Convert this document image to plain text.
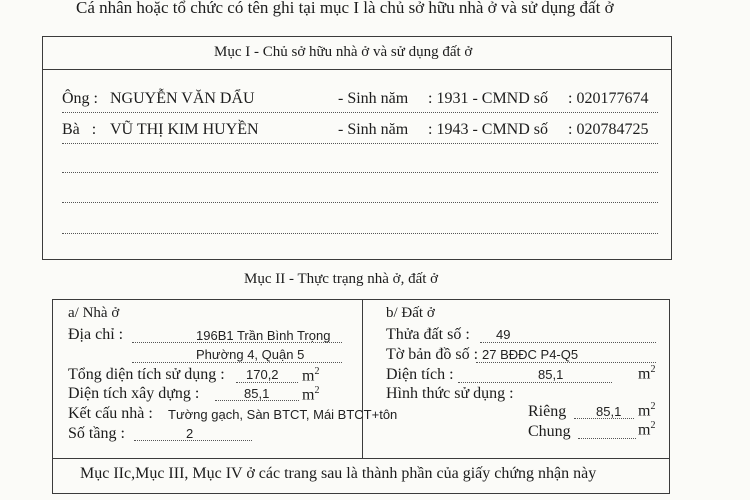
Cá nhân hoặc tổ chức có tên ghi tại mục I là chủ sở hữu nhà ở và sử dụng đất ở
Mục I - Chủ sở hữu nhà ở và sử dụng đất ở
Ông : NGUYỄN VĂN DẨU	- Sinh năm : 1931 - CMND số : 020177674
Bà : VŨ THỊ KIM HUYỀN	- Sinh năm : 1943 - CMND số : 020784725
Mục II - Thực trạng nhà ở, đất ở
a/ Nhà ở
Địa chỉ :	196B1 Trần Bình Trọng
Phường 4, Quận 5
Tổng diện tích sử dụng : 170,2 $m^2$
Diện tích xây dựng :	85,1 $m^2$
Kết cấu nhà : Tường gạch, Sàn BTCT, Mái BTCT+tôn
Số tầng :	2
b/ Đất ở
Thửa đất số : 49
Tờ bản đồ số : 27 BĐĐC P4-Q5
Diện tích :	85,1	$m^2$
Hình thức sử dụng :
Riêng 85,1 $m^2$
Chung	$m^2$
Mục IIc,Mục III, Mục IV ở các trang sau là thành phần của giấy chứng nhận này
